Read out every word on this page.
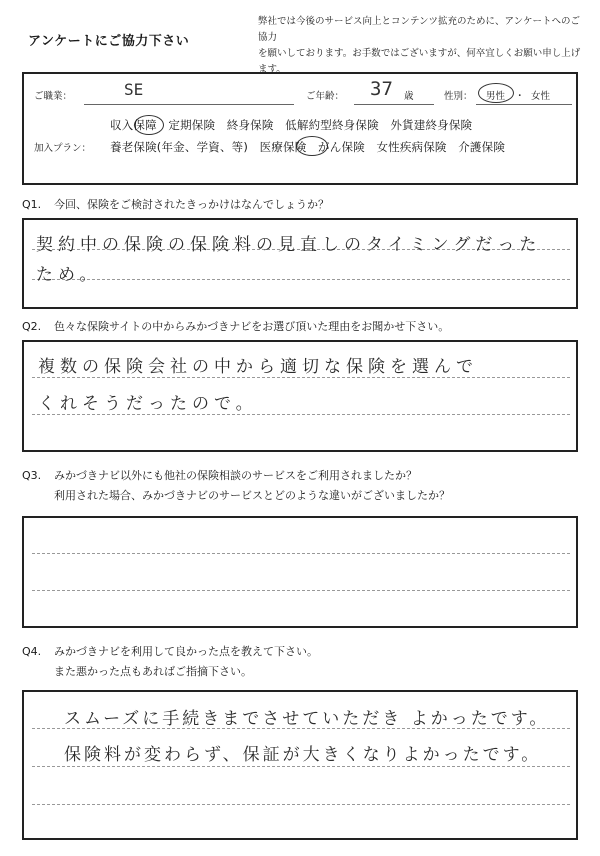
アンケートにご協力下さい
弊社では今後のサービス向上とコンテンツ拡充のために、アンケートへのご協力
を願いしております。お手数ではございますが、何卒宜しくお願い申し上げます。
ご職業：	SE	ご年齢： 37 歳	性別： 男性 ・ 女性
加入プラン：
収入保障 定期保険 終身保険 低解約型終身保険 外貨建終身保険
養老保険(年金、学資、等) 医療保険 がん保険 女性疾病保険 介護保険
Q1. 今回、保険をご検討されたきっかけはなんでしょうか？
契約中の保険の保険料の見直しのタイミングだった
ため。
Q2. 色々な保険サイトの中からみかづきナビをお選び頂いた理由をお聞かせ下さい。
複数の保険会社の中から適切な保険を選んで
くれそうだったので。
Q3. みかづきナビ以外にも他社の保険相談のサービスをご利用されましたか？
利用された場合、みかづきナビのサービスとどのような違いがございましたか？
Q4. みかづきナビを利用して良かった点を教えて下さい。
また悪かった点もあればご指摘下さい。
スムーズに手続きまでさせていただき よかったです。
保険料が変わらず、保証が大きくなりよかったです。
